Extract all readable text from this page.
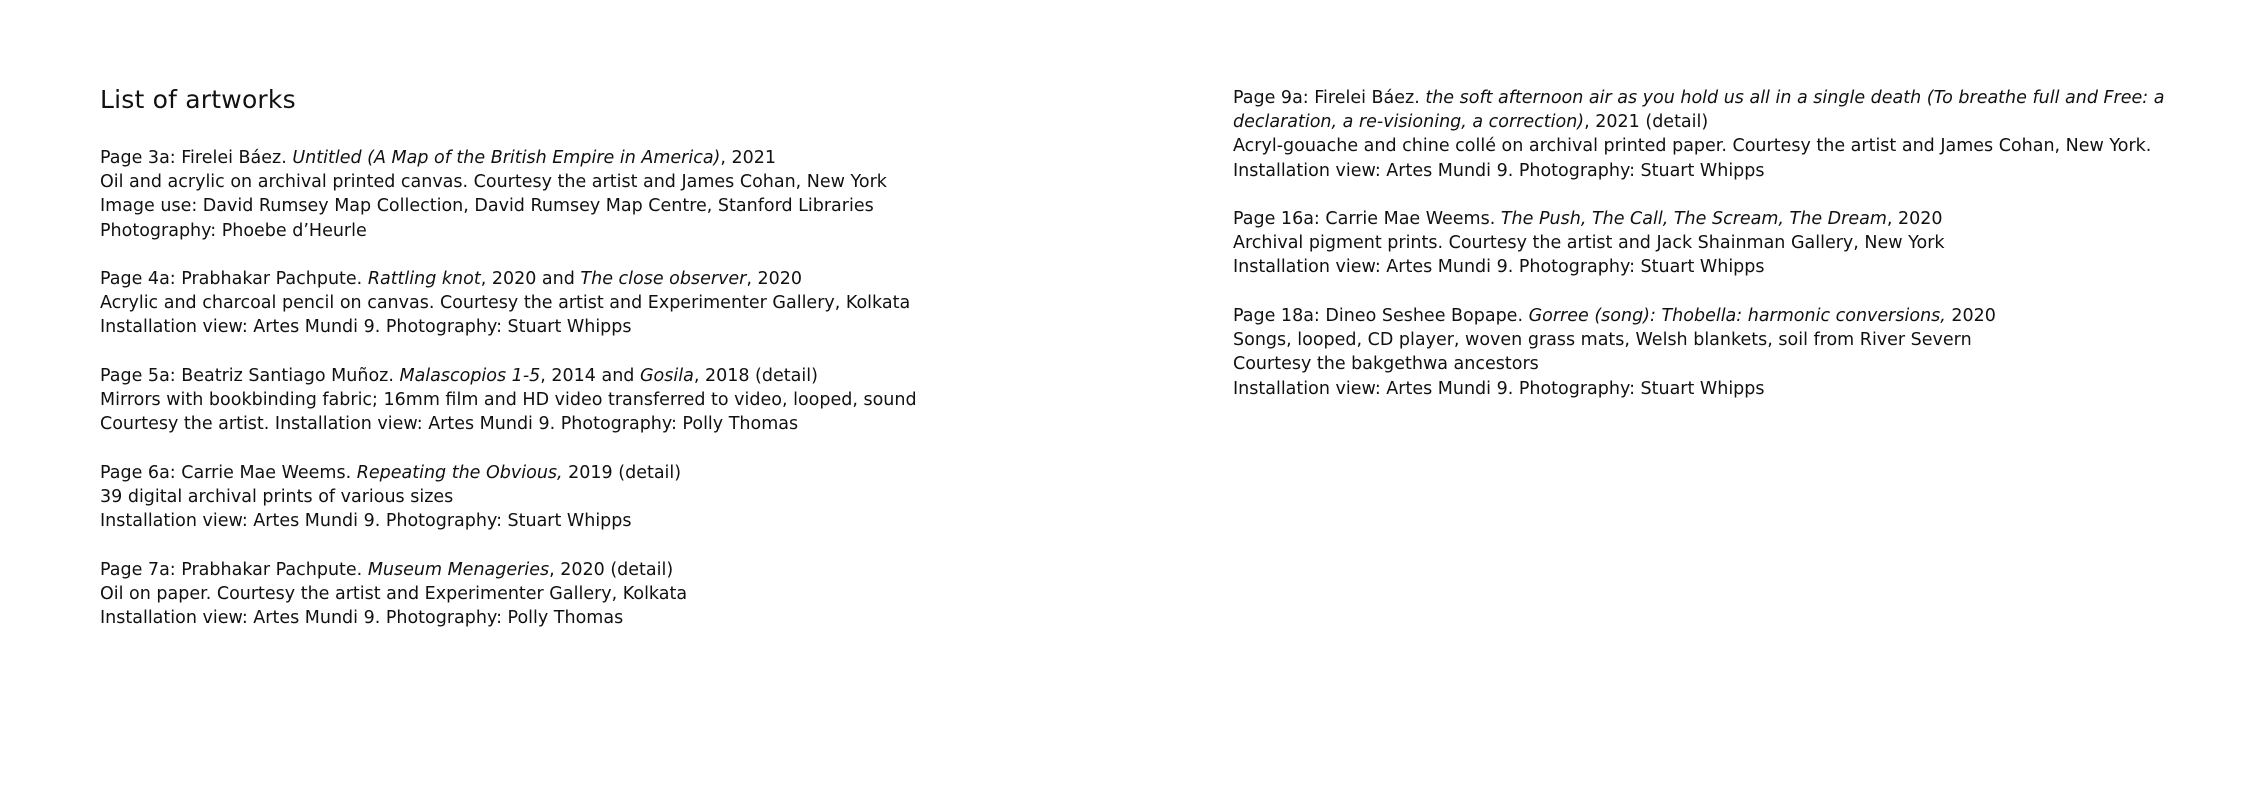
List of artworks
Page 3a: Firelei Báez. Untitled (A Map of the British Empire in America), 2021
Oil and acrylic on archival printed canvas. Courtesy the artist and James Cohan, New York
Image use: David Rumsey Map Collection, David Rumsey Map Centre, Stanford Libraries
Photography: Phoebe d’Heurle
Page 4a: Prabhakar Pachpute. Rattling knot, 2020 and The close observer, 2020
Acrylic and charcoal pencil on canvas. Courtesy the artist and Experimenter Gallery, Kolkata
Installation view: Artes Mundi 9. Photography: Stuart Whipps
Page 5a: Beatriz Santiago Muñoz. Malascopios 1-5, 2014 and Gosila, 2018 (detail)
Mirrors with bookbinding fabric; 16mm film and HD video transferred to video, looped, sound
Courtesy the artist. Installation view: Artes Mundi 9. Photography: Polly Thomas
Page 6a: Carrie Mae Weems. Repeating the Obvious, 2019 (detail)
39 digital archival prints of various sizes
Installation view: Artes Mundi 9. Photography: Stuart Whipps
Page 7a: Prabhakar Pachpute. Museum Menageries, 2020 (detail)
Oil on paper. Courtesy the artist and Experimenter Gallery, Kolkata
Installation view: Artes Mundi 9. Photography: Polly Thomas
Page 9a: Firelei Báez. the soft afternoon air as you hold us all in a single death (To breathe full and Free: a declaration, a re-visioning, a correction), 2021 (detail)
Acryl-gouache and chine collé on archival printed paper. Courtesy the artist and James Cohan, New York.
Installation view: Artes Mundi 9. Photography: Stuart Whipps
Page 16a: Carrie Mae Weems. The Push, The Call, The Scream, The Dream, 2020
Archival pigment prints. Courtesy the artist and Jack Shainman Gallery, New York
Installation view: Artes Mundi 9. Photography: Stuart Whipps
Page 18a: Dineo Seshee Bopape. Gorree (song): Thobella: harmonic conversions, 2020
Songs, looped, CD player, woven grass mats, Welsh blankets, soil from River Severn
Courtesy the bakgethwa ancestors
Installation view: Artes Mundi 9. Photography: Stuart Whipps
